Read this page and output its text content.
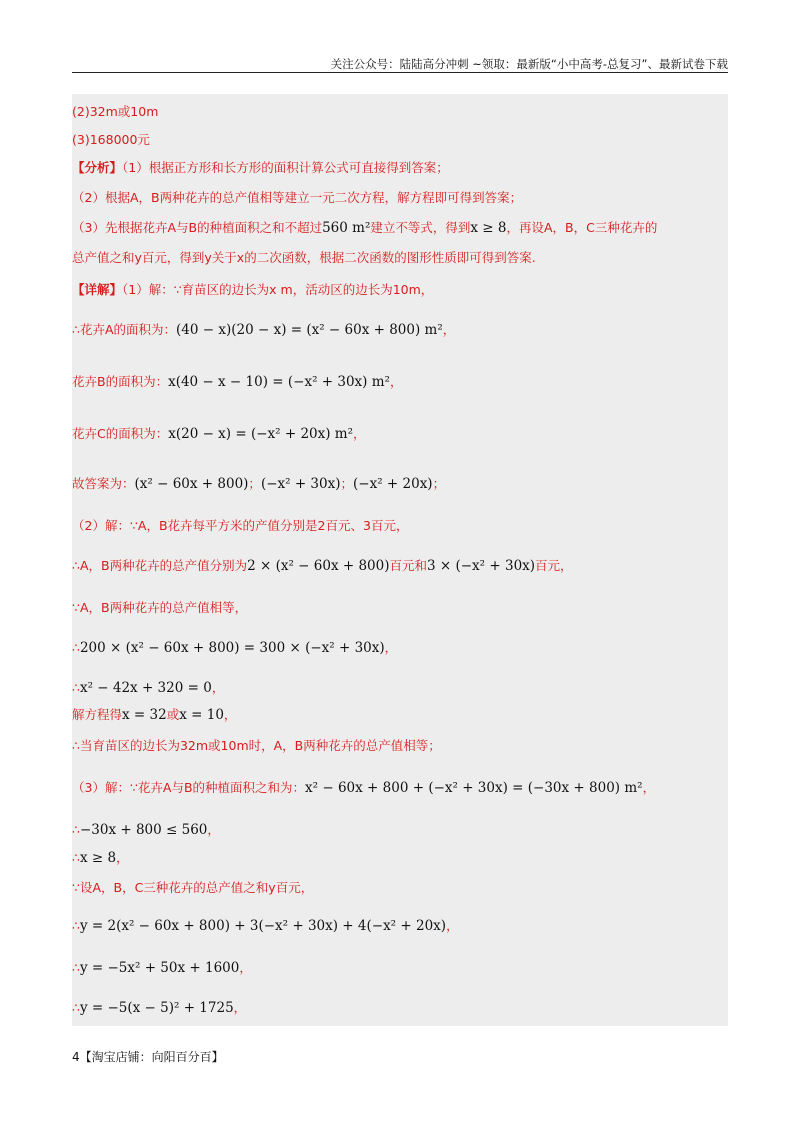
关注公众号：陆陆高分冲刺 ~领取：最新版“小中高考-总复习”、最新试卷下载
(2)32m或10m
(3)168000元
【分析】（1）根据正方形和长方形的面积计算公式可直接得到答案；
（2）根据A，B两种花卉的总产值相等建立一元二次方程，解方程即可得到答案；
（3）先根据花卉A与B的种植面积之和不超过560 m²建立不等式，得到x ≥ 8，再设A，B，C三种花卉的
总产值之和y百元，得到y关于x的二次函数，根据二次函数的图形性质即可得到答案.
【详解】（1）解：∵育苗区的边长为x m，活动区的边长为10m，
∴花卉A的面积为：(40 − x)(20 − x) = (x² − 60x + 800) m²，
花卉B的面积为：x(40 − x − 10) = (−x² + 30x) m²，
花卉C的面积为：x(20 − x) = (−x² + 20x) m²，
故答案为：(x² − 60x + 800)；(−x² + 30x)；(−x² + 20x)；
（2）解：∵A，B花卉每平方米的产值分别是2百元、3百元，
∴A，B两种花卉的总产值分别为2 × (x² − 60x + 800)百元和3 × (−x² + 30x)百元，
∵A，B两种花卉的总产值相等，
∴200 × (x² − 60x + 800) = 300 × (−x² + 30x)，
∴x² − 42x + 320 = 0，
解方程得x = 32或x = 10，
∴当育苗区的边长为32m或10m时，A，B两种花卉的总产值相等；
（3）解：∵花卉A与B的种植面积之和为：x² − 60x + 800 + (−x² + 30x) = (−30x + 800) m²，
∴−30x + 800 ≤ 560，
∴x ≥ 8，
∵设A，B，C三种花卉的总产值之和y百元，
∴y = 2(x² − 60x + 800) + 3(−x² + 30x) + 4(−x² + 20x)，
∴y = −5x² + 50x + 1600，
∴y = −5(x − 5)² + 1725，
4【淘宝店铺：向阳百分百】
